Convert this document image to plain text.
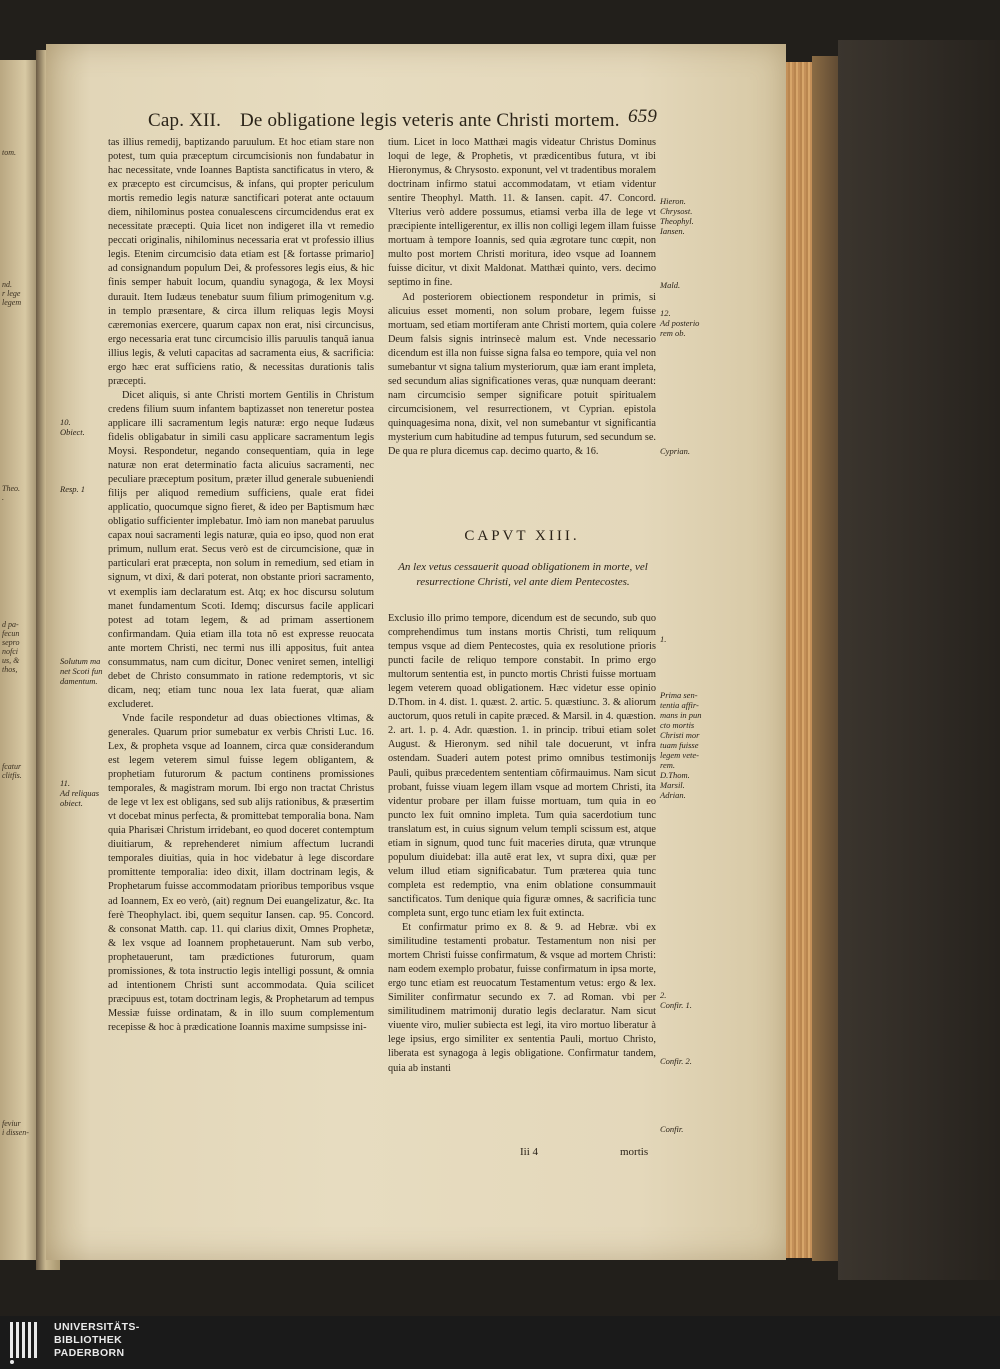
tom.
nd.
r lege
legem
Theo.
.
d pa-
fecun
sepro
nofci
us, &
thos,
fcatur
clitfis.

feviur
i dissen-
Cap. XII. De obligatione legis veteris ante Christi mortem. 659

tas illius remedij, baptizando paruulum. Et hoc etiam stare non potest, tum quia præceptum circumcisionis non fundabatur in hac necessitate, vnde Ioannes Baptista sanctificatus in vtero, & ex præcepto est circumcisus, & infans, qui propter periculum mortis remedio legis naturæ sanctificari poterat ante octauum diem, nihilominus postea conualescens circumcidendus erat ex necessitate præcepti. Quia licet non indigeret illa vt remedio peccati originalis, nihilominus necessaria erat vt professio illius legis. Etenim circumcisio data etiam est [& fortasse primario] ad consignandum populum Dei, & professores legis eius, & hic finis semper habuit locum, quandiu synagoga, & lex Moysi durauit. Item Iudæus tenebatur suum filium primogenitum v.g. in templo præsentare, & circa illum reliquas legis Moysi cæremonias exercere, quarum capax non erat, nisi circuncisus, ergo necessaria erat tunc circumcisio illis paruulis tanquã ianua illius legis, & veluti capacitas ad sacramenta eius, & sacrificia: ergo hæc erat sufficiens ratio, & necessitas durationis talis præcepti.

Dicet aliquis, si ante Christi mortem Gentilis in Christum credens filium suum infantem baptizasset non teneretur postea applicare illi sacramentum legis naturæ: ergo neque Iudæus fidelis obligabatur in simili casu applicare sacramentum legis Moysi. Respondetur, negando consequentiam, quia in lege naturæ non erat determinatio facta alicuius sacramenti, nec peculiare præceptum positum, præter illud generale subueniendi filijs per aliquod remedium sufficiens, quale erat fidei applicatio, quocumque signo fieret, & ideo per Baptismum hæc obligatio sufficienter implebatur. Imò iam non manebat paruulus capax noui sacramenti legis naturæ, quia eo ipso, quod non erat primum, nullum erat. Secus verò est de circumcisione, quæ in particulari erat præcepta, non solum in remedium, sed etiam in signum, vt dixi, & dari poterat, non obstante priori sacramento, vt exemplis iam declaratum est. Atq; ex hoc discursu solutum manet fundamentum Scoti. Idemq; discursus facile applicari potest ad totam legem, & ad primam assertionem confirmandam. Quia etiam illa tota nõ est expresse reuocata ante mortem Christi, nec termi nus illi appositus, fuit antea consummatus, nam cum dicitur, Donec veniret semen, intelligi debet de Christo consummato in ratione redemptoris, vt sic dicam, neq; etiam tunc noua lex lata fuerat, quæ aliam excluderet.

Vnde facile respondetur ad duas obiectiones vltimas, & generales. Quarum prior sumebatur ex verbis Christi Luc. 16. Lex, & propheta vsque ad Ioannem, circa quæ considerandum est legem veterem simul fuisse legem obligantem, & prophetiam futurorum & pactum continens promissiones temporales, & magistram morum. Ibi ergo non tractat Christus de lege vt lex est obligans, sed sub alijs rationibus, & præsertim vt docebat minus perfecta, & promittebat temporalia bona. Nam quia Pharisæi Christum irridebant, eo quod doceret contemptum diuitiarum, & reprehenderet nimium affectum lucrandi temporales diuitias, quia in hoc videbatur à lege discordare promittente temporalia: ideo dixit, illam doctrinam legis, & Prophetarum fuisse accommodatam prioribus temporibus vsque ad Ioannem, Ex eo verò, (ait) regnum Dei euangelizatur, &c. Ita ferè Theophylact. ibi, quem sequitur Iansen. cap. 95. Concord. & consonat Matth. cap. 11. qui clarius dixit, Omnes Prophetæ, & lex vsque ad Ioannem prophetauerunt. Nam sub verbo, prophetauerunt, tam prædictiones futurorum, quam promissiones, & tota instructio legis intelligi possunt, & omnia ad intentionem Christi sunt accommodata. Quia scilicet præcipuus est, totam doctrinam legis, & Prophetarum ad tempus Messiæ fuisse ordinatam, & in illo suum complementum recepisse & hoc à prædicatione Ioannis maxime sumpsisse ini-

tium. Licet in loco Matthæi magis videatur Christus Dominus loqui de lege, & Prophetis, vt prædicentibus futura, vt ibi Hieronymus, & Chrysosto. exponunt, vel vt tradentibus moralem doctrinam infirmo statui accommodatam, vt etiam videntur sentire Theophyl. Matth. 11. & Iansen. capit. 47. Concord. Vlterius verò addere possumus, etiamsi verba illa de lege vt præcipiente intelligerentur, ex illis non colligi legem illam fuisse mortuam à tempore Ioannis, sed quia ægrotare tunc cœpit, non multo post mortem Christi moritura, ideo vsque ad Ioannem fuisse dicitur, vt dixit Maldonat. Matthæi quinto, vers. decimo septimo in fine.

Ad posteriorem obiectionem respondetur in primis, si alicuius esset momenti, non solum probare, legem fuisse mortuam, sed etiam mortiferam ante Christi mortem, quia colere Deum falsis signis intrinsecè malum est. Vnde necessario dicendum est illa non fuisse signa falsa eo tempore, quia vel non sumebantur vt signa talium mysteriorum, quæ iam erant impleta, sed secundum alias significationes veras, quæ nunquam deerant: nam circumcisio semper significare potuit spiritualem circumcisionem, vel resurrectionem, vt Cyprian. epistola quinquagesima nona, dixit, vel non sumebantur vt significantia mysterium cum habitudine ad tempus futurum, sed secundum se. De qua re plura dicemus cap. decimo quarto, & 16.

CAPVT XIII.
An lex vetus cessauerit quoad obligationem in morte, vel resurrectione Christi, vel ante diem Pentecostes.

Exclusio illo primo tempore, dicendum est de secundo, sub quo comprehendimus tum instans mortis Christi, tum reliquum tempus vsque ad diem Pentecostes, quia ex resolutione prioris puncti facile de reliquo tempore constabit. In primo ergo multorum sententia est, in puncto mortis Christi fuisse mortuam legem veterem quoad obligationem. Hæc videtur esse opinio D.Thom. in 4. dist. 1. quæst. 2. artic. 5. quæstiunc. 3. & aliorum auctorum, quos retuli in capite præced. & Marsil. in 4. quæstion. 2. art. 1. p. 4. Adr. quæstion. 1. in princip. tribui etiam solet August. & Hieronym. sed nihil tale docuerunt, vt infra ostendam. Suaderi autem potest primo omnibus testimonijs Pauli, quibus præcedentem sententiam cõfirmauimus. Nam sicut probant, fuisse viuam legem illam vsque ad mortem Christi, ita videntur probare per illam fuisse mortuam, tum quia in eo puncto lex fuit omnino impleta. Tum quia sacerdotium tunc translatum est, in cuius signum velum templi scissum est, atque etiam in signum, quod tunc fuit maceries diruta, quæ vtrunque populum diuidebat: illa autẽ erat lex, vt supra dixi, quæ per velum illud etiam significabatur. Tum præterea quia tunc completa est redemptio, vna enim oblatione consummauit sanctificatos. Tum denique quia figuræ omnes, & sacrificia tunc completa sunt, ergo tunc etiam lex fuit extincta.

Et confirmatur primo ex 8. & 9. ad Hebræ. vbi ex similitudine testamenti probatur. Testamentum non nisi per mortem Christi fuisse confirmatum, & vsque ad mortem Christi: nam eodem exemplo probatur, fuisse confirmatum in ipsa morte, ergo tunc etiam est reuocatum Testamentum vetus: ergo & lex. Similiter confirmatur secundo ex 7. ad Roman. vbi per similitudinem matrimonij duratio legis declaratur. Nam sicut viuente viro, mulier subiecta est legi, ita viro mortuo liberatur à lege ipsius, ergo similiter ex sententia Pauli, mortuo Christo, liberata est synagoga à legis obligatione. Confirmatur tandem, quia ab instanti

Iii 4	mortis
10.
Obiect.
Resp. 1
Solutum ma
net Scoti fun
damentum.
11.
Ad reliquas
obiect.
Hieron.
Chrysost.
Theophyl.
Iansen.
Mald.
12.
Ad posterio
rem ob.
Cyprian.
1.
Prima sen-
tentia affir-
mans in pun
cto mortis
Christi mor
tuam fuisse
legem vete-
rem.
D.Thom.
Marsil.
Adrian.
2.
Confir. 1.
Confir. 2.
Confir.
UNIVERSITÄTS-
BIBLIOTHEK
PADERBORN
